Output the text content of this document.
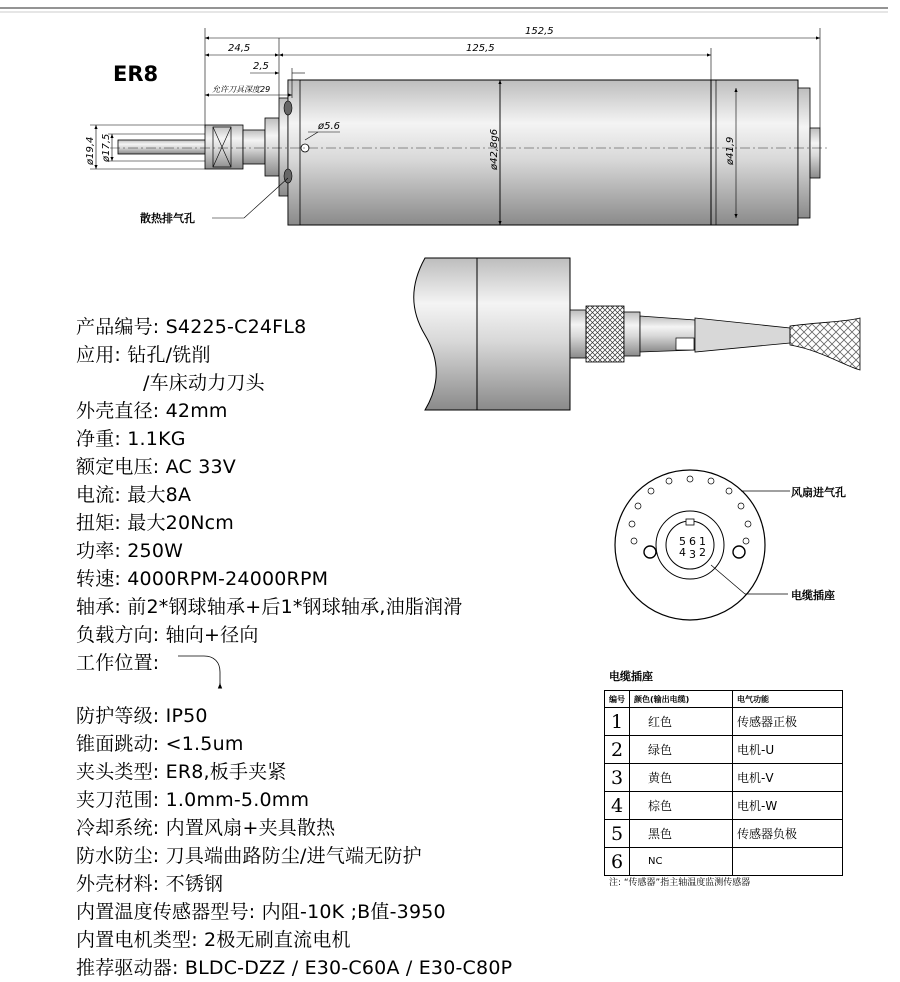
152,5
125,5
24,5
2,5
允许刀具深度29
ø5.6
ø19,4 ø17,5	ø42,8g6	ø41,9
散热排气孔
5 6 1
4 3 2
风扇进气孔
电缆插座
ER8
产品编号: S4225-C24FL8
应用: 钻孔/铣削
/车床动力刀头
外壳直径: 42mm
净重: 1.1KG
额定电压: AC 33V
电流: 最大8A
扭矩: 最大20Ncm
功率: 250W
转速: 4000RPM-24000RPM
轴承: 前2*钢球轴承+后1*钢球轴承,油脂润滑
负载方向: 轴向+径向
工作位置:
防护等级: IP50
锥面跳动: <1.5um
夹头类型: ER8,板手夹紧
夹刀范围: 1.0mm-5.0mm
冷却系统: 内置风扇+夹具散热
防水防尘: 刀具端曲路防尘/进气端无防护
外壳材料: 不锈钢
内置温度传感器型号: 内阻-10K ;B值-3950
内置电机类型: 2极无刷直流电机
推荐驱动器: BLDC-DZZ / E30-C60A / E30-C80P
电缆插座
编号	颜色(输出电缆)	电气功能
1	红色	传感器正极
2	绿色	电机-U
3	黄色	电机-V
4	棕色	电机-W
5	黑色	传感器负极
6	NC	
注: “传感器”指主轴温度监测传感器
